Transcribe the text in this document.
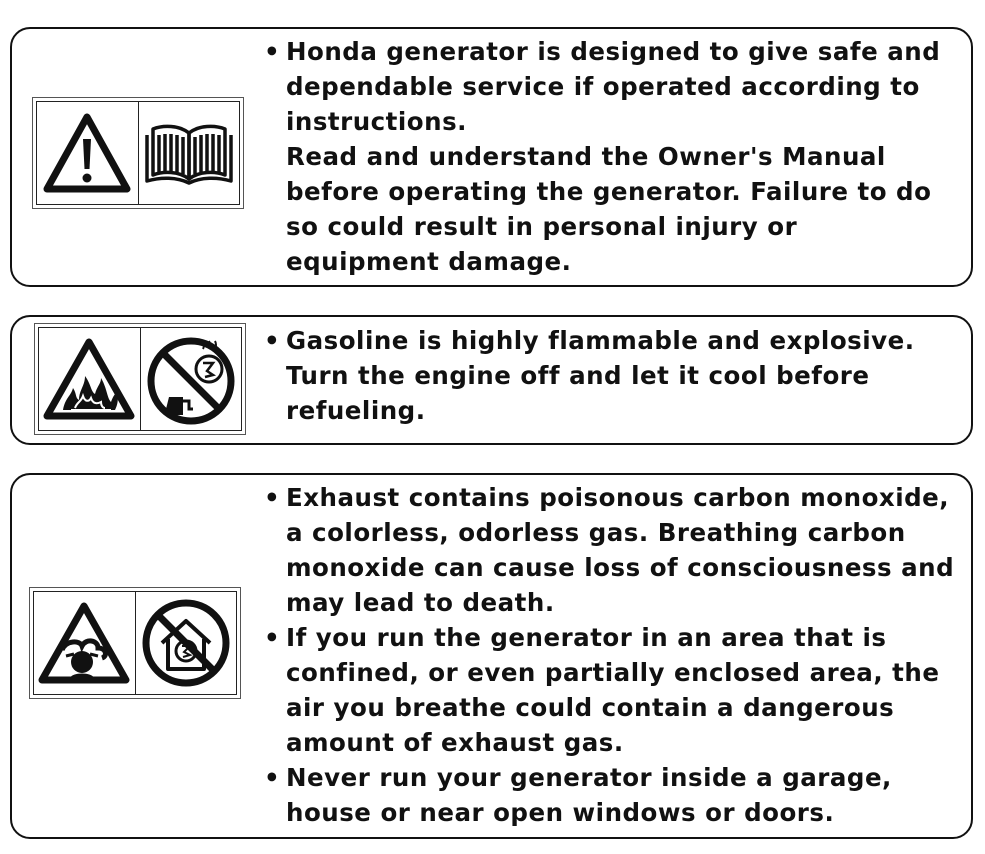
• Honda generator is designed to give safe and dependable service if operated according to instructions.
Read and understand the Owner's Manual before operating the generator. Failure to do so could result in personal injury or equipment damage.
• Gasoline is highly flammable and explosive. Turn the engine off and let it cool before refueling.
• Exhaust contains poisonous carbon monoxide, a colorless, odorless gas. Breathing carbon monoxide can cause loss of consciousness and may lead to death.
• If you run the generator in an area that is confined, or even partially enclosed area, the air you breathe could contain a dangerous amount of exhaust gas.
• Never run your generator inside a garage, house or near open windows or doors.
